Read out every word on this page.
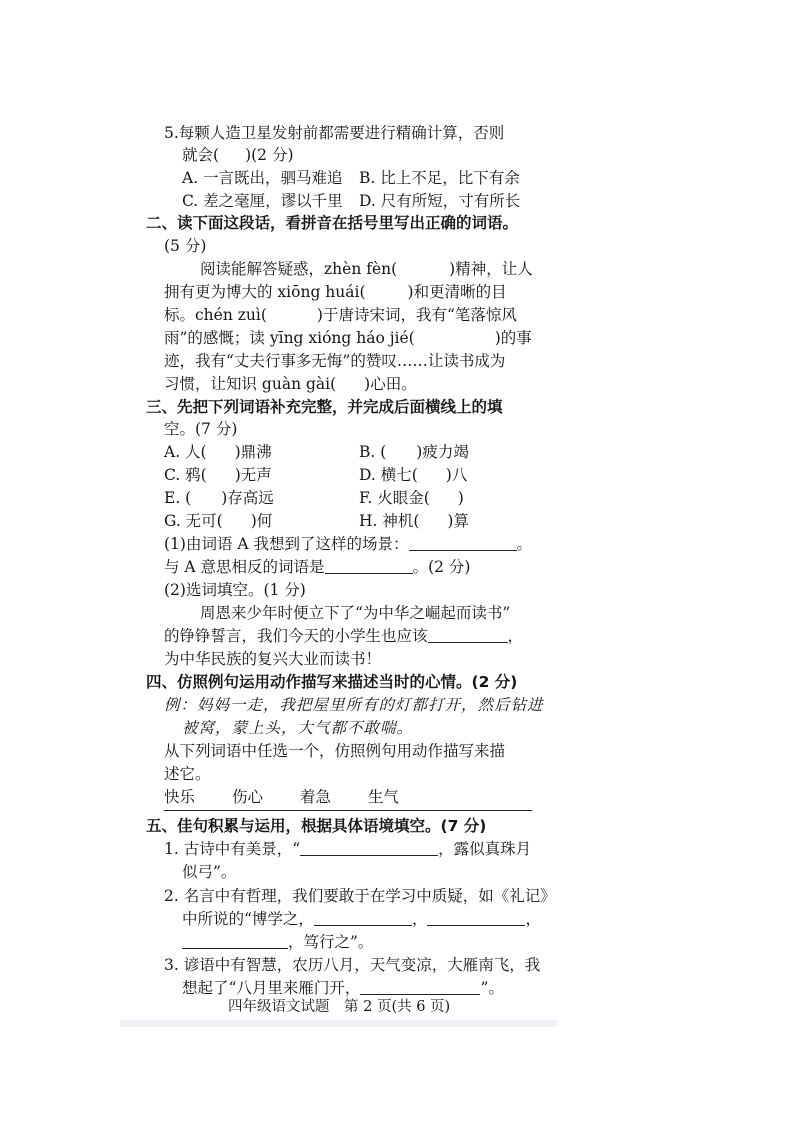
5.每颗人造卫星发射前都需要进行精确计算，否则
就会( )(2 分)
A. 一言既出，驷马难追 B. 比上不足，比下有余
C. 差之毫厘，谬以千里 D. 尺有所短，寸有所长
二、读下面这段话，看拼音在括号里写出正确的词语。
(5 分)
阅读能解答疑惑，zhèn fèn(	)精神，让人
拥有更为博大的 xiōng huái(	)和更清晰的目
标。chén zuì(	)于唐诗宋词，我有“笔落惊风
雨”的感慨；读 yīng xióng háo jié(	)的事
迹，我有“丈夫行事多无悔”的赞叹……让读书成为
习惯，让知识 guàn gài( )心田。
三、先把下列词语补充完整，并完成后面横线上的填
空。(7 分)
A. 人( )鼎沸	B. ( )疲力竭
C. 鸦( )无声	D. 横七( )八
E. ( )存高远	F. 火眼金( )
G. 无可( )何	H. 神机( )算
(1)由词语 A 我想到了这样的场景：	。
与 A 意思相反的词语是	。(2 分)
(2)选词填空。(1 分)
周恩来少年时便立下了“为中华之崛起而读书”
的铮铮誓言，我们今天的小学生也应该	，
为中华民族的复兴大业而读书！
四、仿照例句运用动作描写来描述当时的心情。(2 分)
例：妈妈一走，我把屋里所有的灯都打开，然后钻进
被窝，蒙上头，大气都不敢喘。
从下列词语中任选一个，仿照例句用动作描写来描
述它。
快乐 伤心 着急 生气
五、佳句积累与运用，根据具体语境填空。(7 分)
1. 古诗中有美景，“	，露似真珠月
似弓”。
2. 名言中有哲理，我们要敢于在学习中质疑，如《礼记》
中所说的“博学之，	，	，
，笃行之”。
3. 谚语中有智慧，农历八月，天气变凉，大雁南飞，我
想起了“八月里来雁门开，	”。
四年级语文试题　第 2 页(共 6 页)
